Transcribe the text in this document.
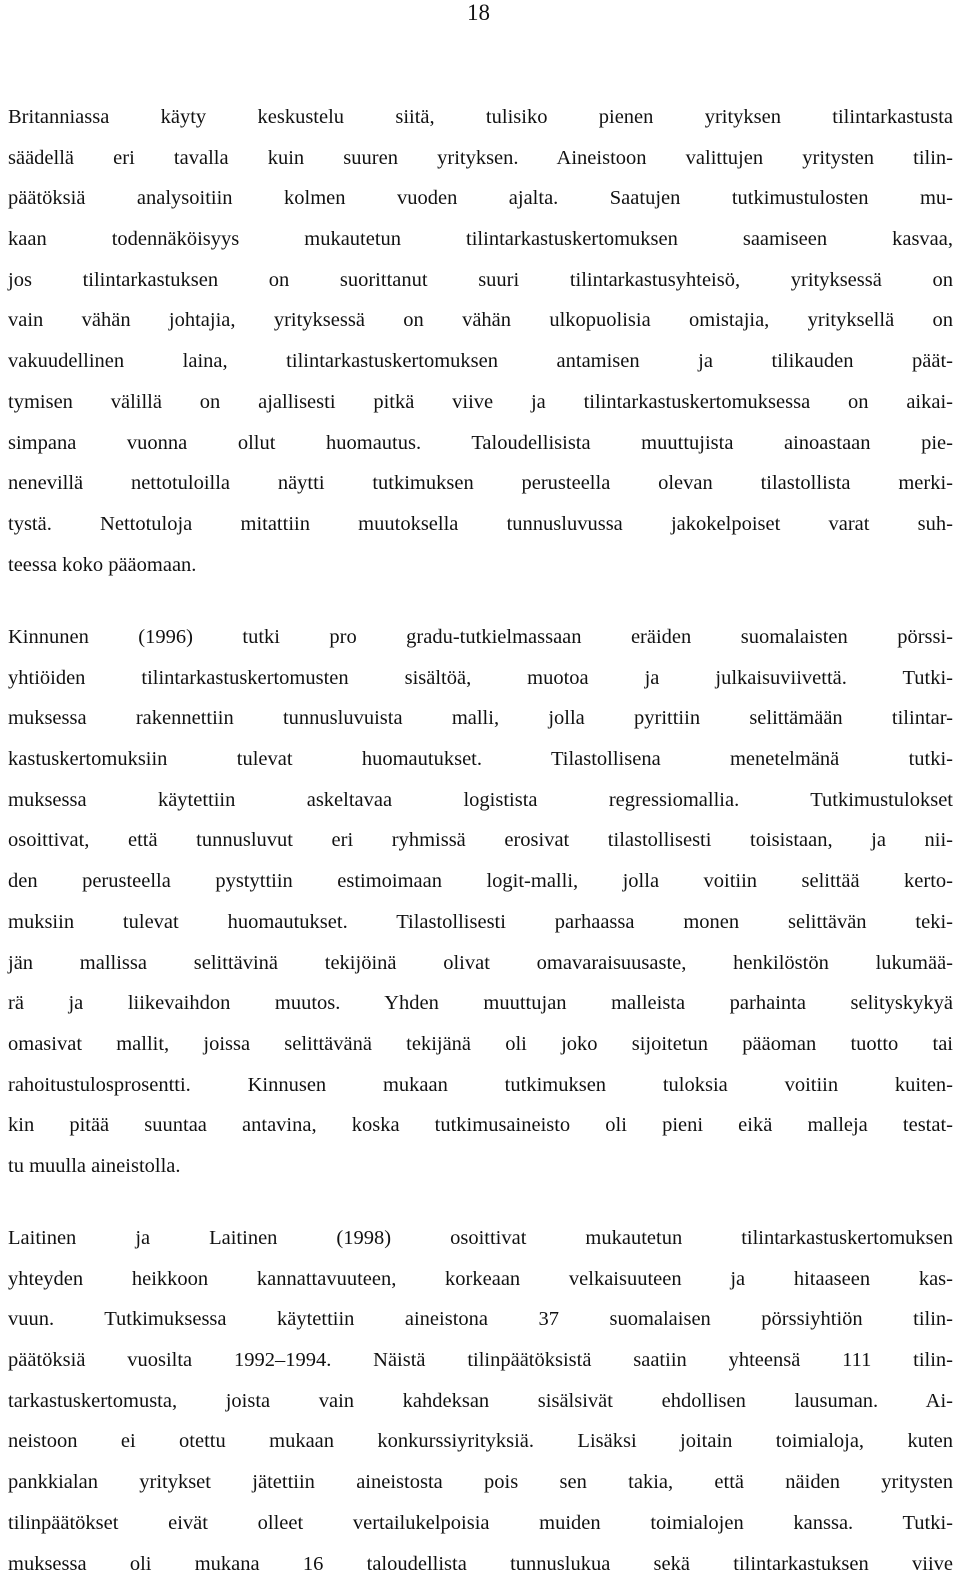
18
Britanniassa käyty keskustelu siitä, tulisiko pienen yrityksen tilintarkastusta
säädellä eri tavalla kuin suuren yrityksen. Aineistoon valittujen yritysten tilin-
päätöksiä analysoitiin kolmen vuoden ajalta. Saatujen tutkimustulosten mu-
kaan todennäköisyys mukautetun tilintarkastuskertomuksen saamiseen kasvaa,
jos tilintarkastuksen on suorittanut suuri tilintarkastusyhteisö, yrityksessä on
vain vähän johtajia, yrityksessä on vähän ulkopuolisia omistajia, yrityksellä on
vakuudellinen laina, tilintarkastuskertomuksen antamisen ja tilikauden päät-
tymisen välillä on ajallisesti pitkä viive ja tilintarkastuskertomuksessa on aikai-
simpana vuonna ollut huomautus. Taloudellisista muuttujista ainoastaan pie-
nenevillä nettotuloilla näytti tutkimuksen perusteella olevan tilastollista merki-
tystä. Nettotuloja mitattiin muutoksella tunnusluvussa jakokelpoiset varat suh-
teessa koko pääomaan.
Kinnunen (1996) tutki pro gradu-tutkielmassaan eräiden suomalaisten pörssi-
yhtiöiden tilintarkastuskertomusten sisältöä, muotoa ja julkaisuviivettä. Tutki-
muksessa rakennettiin tunnusluvuista malli, jolla pyrittiin selittämään tilintar-
kastuskertomuksiin tulevat huomautukset. Tilastollisena menetelmänä tutki-
muksessa käytettiin askeltavaa logistista regressiomallia. Tutkimustulokset
osoittivat, että tunnusluvut eri ryhmissä erosivat tilastollisesti toisistaan, ja nii-
den perusteella pystyttiin estimoimaan logit-malli, jolla voitiin selittää kerto-
muksiin tulevat huomautukset. Tilastollisesti parhaassa monen selittävän teki-
jän mallissa selittävinä tekijöinä olivat omavaraisuusaste, henkilöstön lukumää-
rä ja liikevaihdon muutos. Yhden muuttujan malleista parhainta selityskykyä
omasivat mallit, joissa selittävänä tekijänä oli joko sijoitetun pääoman tuotto tai
rahoitustulosprosentti. Kinnusen mukaan tutkimuksen tuloksia voitiin kuiten-
kin pitää suuntaa antavina, koska tutkimusaineisto oli pieni eikä malleja testat-
tu muulla aineistolla.
Laitinen ja Laitinen (1998) osoittivat mukautetun tilintarkastuskertomuksen
yhteyden heikkoon kannattavuuteen, korkeaan velkaisuuteen ja hitaaseen kas-
vuun. Tutkimuksessa käytettiin aineistona 37 suomalaisen pörssiyhtiön tilin-
päätöksiä vuosilta 1992–1994. Näistä tilinpäätöksistä saatiin yhteensä 111 tilin-
tarkastuskertomusta, joista vain kahdeksan sisälsivät ehdollisen lausuman. Ai-
neistoon ei otettu mukaan konkurssiyrityksiä. Lisäksi joitain toimialoja, kuten
pankkialan yritykset jätettiin aineistosta pois sen takia, että näiden yritysten
tilinpäätökset eivät olleet vertailukelpoisia muiden toimialojen kanssa. Tutki-
muksessa oli mukana 16 taloudellista tunnuslukua sekä tilintarkastuksen viive
